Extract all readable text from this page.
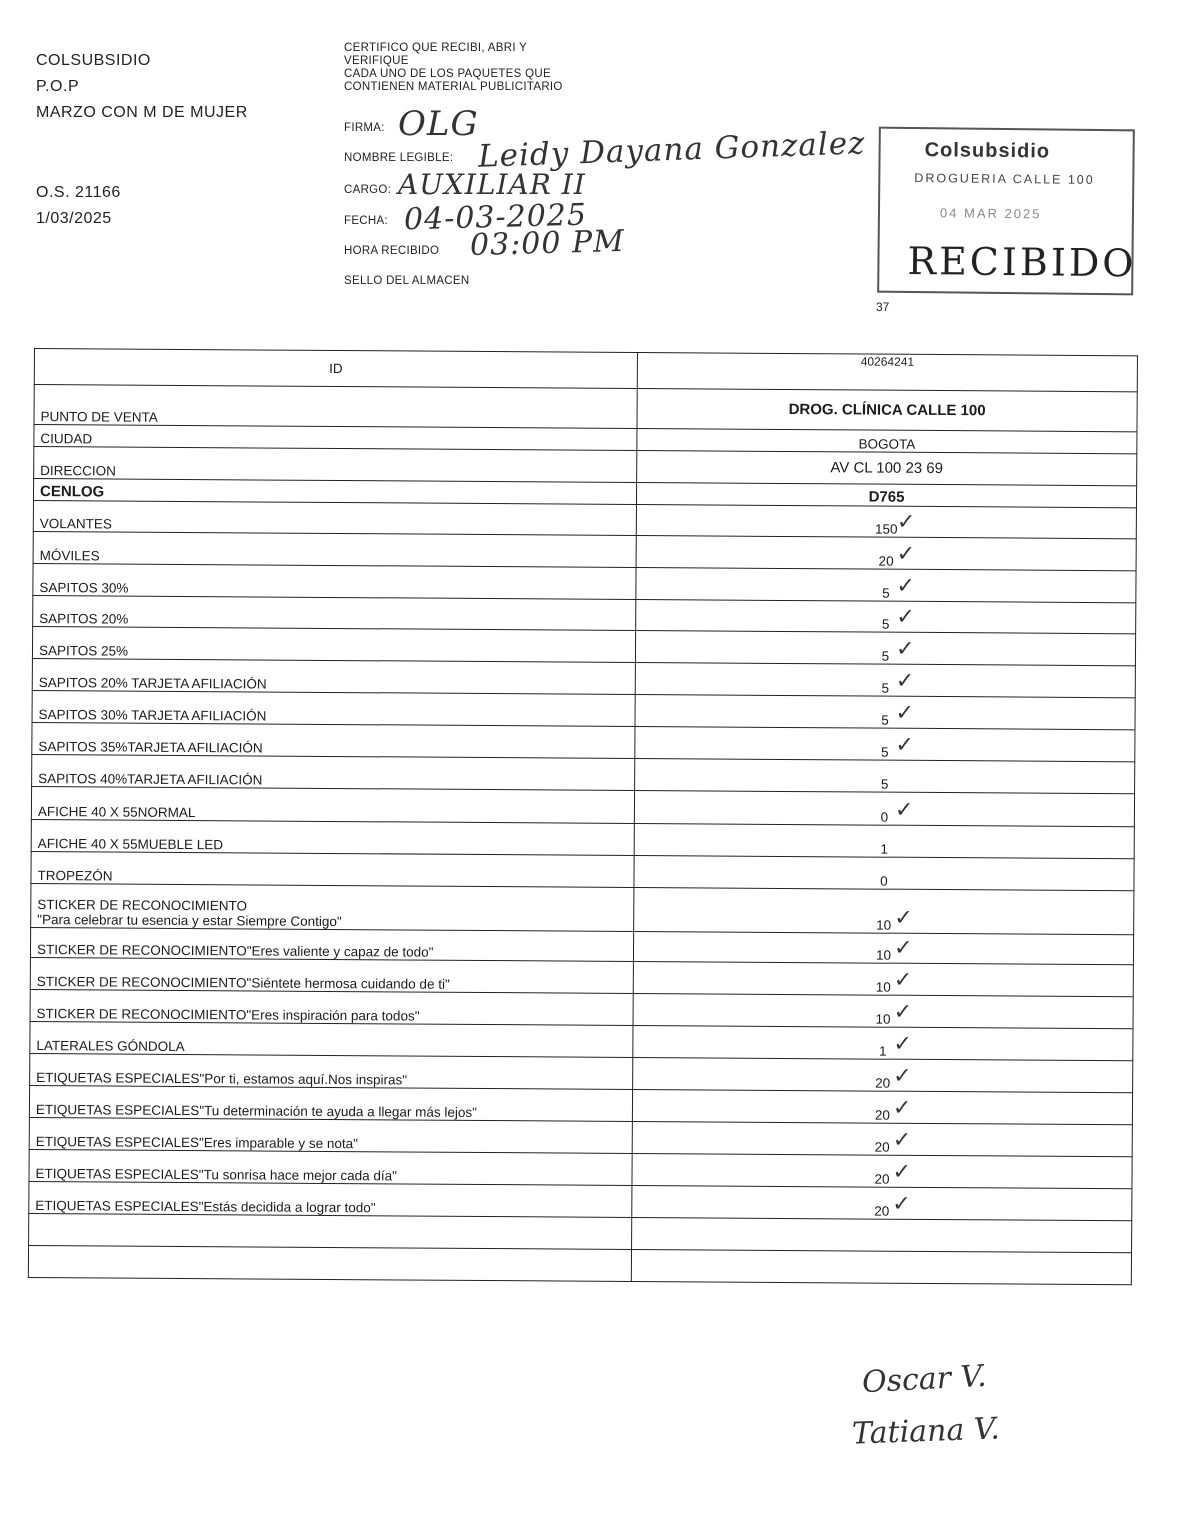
COLSUBSIDIO
P.O.P
MARZO CON M DE MUJER
O.S. 21166
1/03/2025
CERTIFICO QUE RECIBI, ABRI Y
VERIFIQUE
CADA UNO DE LOS PAQUETES QUE
CONTIENEN MATERIAL PUBLICITARIO
FIRMA: OLG
NOMBRE LEGIBLE: Leidy Dayana Gonzalez
CARGO: AUXILIAR II
FECHA: 04-03-2025
HORA RECIBIDO 03:00 PM
SELLO DEL ALMACEN
Colsubsidio
DROGUERIA CALLE 100
04 MAR 2025
RECIBIDO
37
ID	40264241
PUNTO DE VENTA	DROG. CLÍNICA CALLE 100
CIUDAD	BOGOTA
DIRECCION	AV CL 100 23 69
CENLOG	D765
VOLANTES	150 ✓

MÓVILES	20 ✓

SAPITOS 30%	5 ✓

SAPITOS 20%	5 ✓

SAPITOS 25%	5 ✓

SAPITOS 20% TARJETA AFILIACIÓN	5 ✓

SAPITOS 30% TARJETA AFILIACIÓN	5 ✓

SAPITOS 35%TARJETA AFILIACIÓN	5 ✓

SAPITOS 40%TARJETA AFILIACIÓN	5
AFICHE 40 X 55NORMAL	0 ✓

AFICHE 40 X 55MUEBLE LED	1
TROPEZÓN	0
STICKER DE RECONOCIMIENTO
"Para celebrar tu esencia y estar Siempre Contigo"	10 ✓

STICKER DE RECONOCIMIENTO"Eres valiente y capaz de todo"	10 ✓

STICKER DE RECONOCIMIENTO"Siéntete hermosa cuidando de ti"	10 ✓

STICKER DE RECONOCIMIENTO"Eres inspiración para todos"	10 ✓

LATERALES GÓNDOLA	1 ✓

ETIQUETAS ESPECIALES"Por ti, estamos aquí.Nos inspiras"	20 ✓

ETIQUETAS ESPECIALES"Tu determinación te ayuda a llegar más lejos"	20 ✓

ETIQUETAS ESPECIALES"Eres imparable y se nota"	20 ✓

ETIQUETAS ESPECIALES"Tu sonrisa hace mejor cada día"	20 ✓

ETIQUETAS ESPECIALES"Estás decidida a lograr todo"	20 ✓

Oscar V.
Tatiana V.
